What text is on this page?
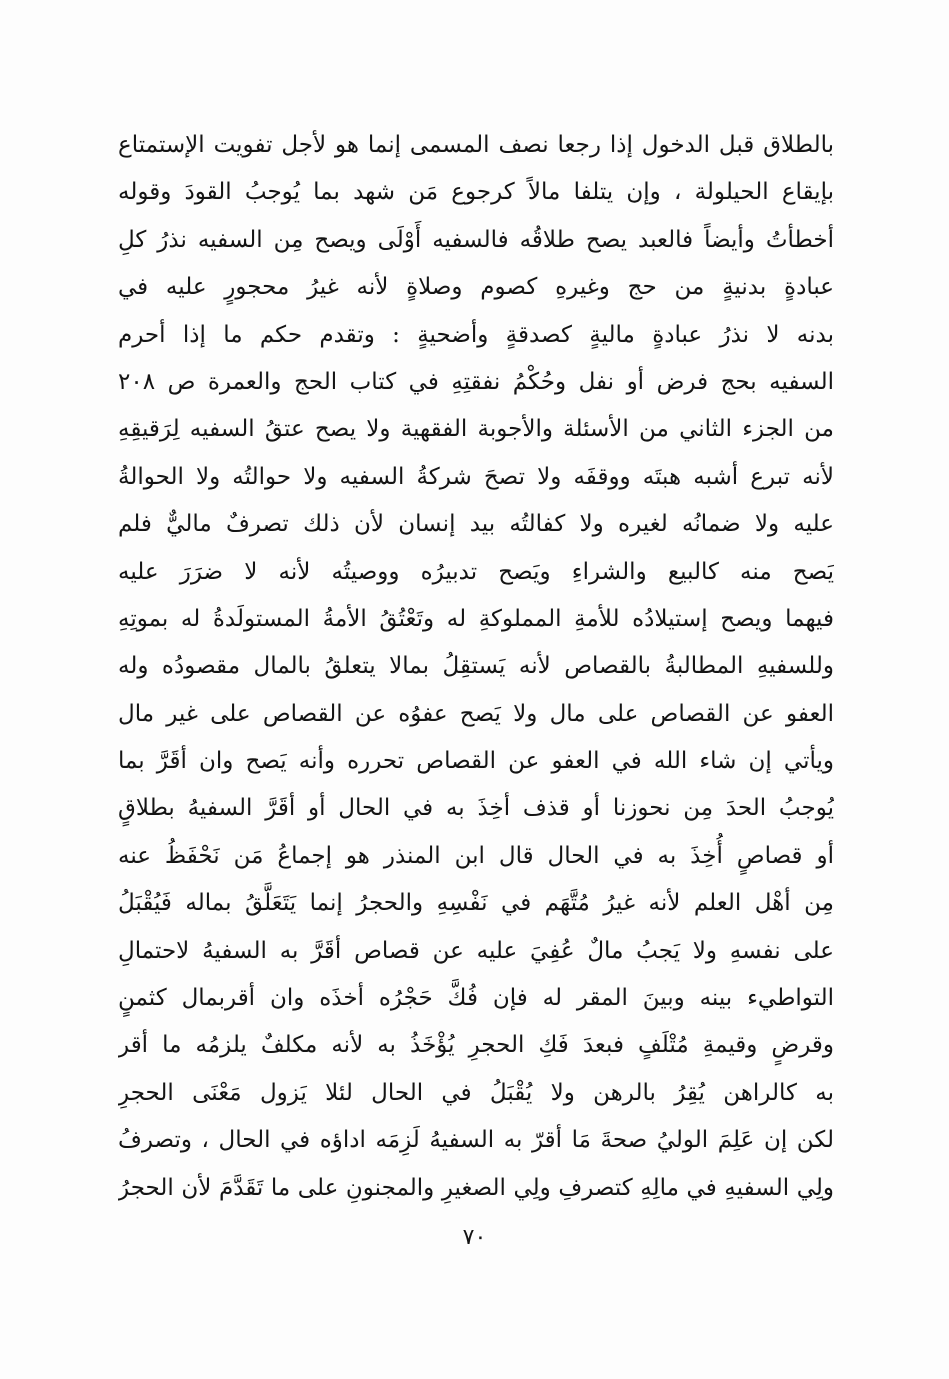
بالطلاق قبل الدخول إذا رجعا نصف المسمى إنما هو لأجل تفويت الإستمتاع
بإيقاع الحيلولة ، وإن يتلفا مالاً كرجوع مَن شهد بما يُوجبُ القودَ وقوله
أخطأتُ وأيضاً فالعبد يصح طلاقُه فالسفيه أَوْلَى ويصح مِن السفيه نذرُ كلِ
عبادةٍ بدنيةٍ من حج وغيرهِ كصوم وصلاةٍ لأنه غيرُ محجورٍ عليه في
بدنه لا نذرُ عبادةٍ ماليةٍ كصدقةٍ وأضحيةٍ : وتقدم حكم ما إذا أحرم
السفيه بحج فرض أو نفل وحُكْمُ نفقتِهِ في كتاب الحج والعمرة ص ٢٠٨
من الجزء الثاني من الأسئلة والأجوبة الفقهية ولا يصح عتقُ السفيه لِرَقيقِهِ
لأنه تبرع أشبه هبتَه ووقفَه ولا تصحَ شركةُ السفيه ولا حوالتُه ولا الحوالةُ
عليه ولا ضمانُه لغيره ولا كفالتُه بيد إنسان لأن ذلك تصرفٌ ماليٌّ فلم
يَصح منه كالبيع والشراءِ ويَصح تدبيرُه ووصيتُه لأنه لا ضرَرَ عليه
فيهما ويصح إستيلادُه للأمةِ المملوكةِ له وتَعْتُقُ الأمةُ المستولَدةُ له بموتِهِ
وللسفيهِ المطالبةُ بالقصاص لأنه يَستقِلُ بمالا يتعلقُ بالمال مقصودُه وله
العفو عن القصاص على مال ولا يَصح عفوُه عن القصاص على غير مال
ويأتي إن شاء الله في العفو عن القصاص تحرره وأنه يَصح وان أقَرَّ بما
يُوجبُ الحدَ مِن نحوزنا أو قذف أخِذَ به في الحال أو أقَرَّ السفيهُ بطلاقٍ
أو قصاصٍ أُخِذَ به في الحال قال ابن المنذر هو إجماعُ مَن نَحْفَظُ عنه
مِن أهْل العلم لأنه غيرُ مُتَّهَم في نَفْسِهِ والحجرُ إنما يَتَعَلَّقُ بماله فَيُقْبَلُ
على نفسهِ ولا يَجبُ مالٌ عُفِيَ عليه عن قصاص أقَرَّ به السفيهُ لاحتمالِ
التواطيء بينه وبينَ المقر له فإن فُكَّ حَجْرُه أخذَه وان أقربمال كثمنٍ
وقرضٍ وقيمةِ مُتْلَفٍ فبعدَ فَكِ الحجرِ يُؤْخَذُ به لأنه مكلفٌ يلزمُه ما أقر
به كالراهن يُقِرُ بالرهن ولا يُقْبَلُ في الحال لئلا يَزول مَعْنَى الحجرِ
لكن إن عَلِمَ الوليُ صحةَ مَا أقرّ به السفيهُ لَزِمَه اداؤه في الحال ، وتصرفُ
ولِي السفيهِ في مالِهِ كتصرفِ ولِي الصغيرِ والمجنونِ على ما تَقَدَّمَ لأن الحجرُ
٧٠
